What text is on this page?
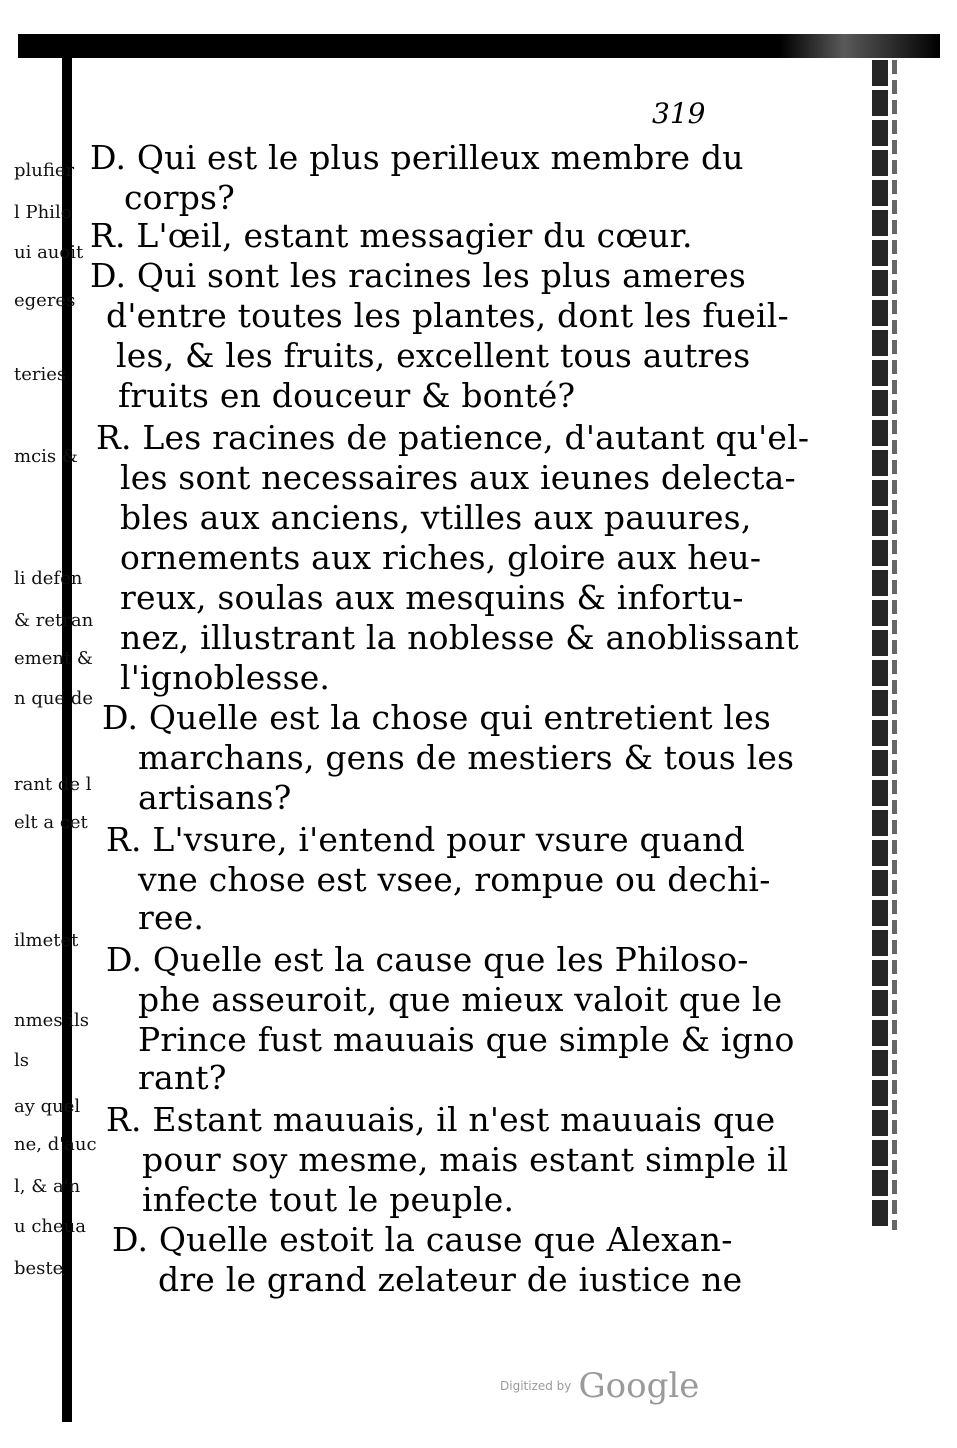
plufier
l Philo
ui auoit
egeres
teries
mcis &
li defen
& retran
ement &
n que de
rant de l
elt a cet
ilmetet
nmes ils
ls
ay quel
ne, d'auc
l, & a'n
u cheua
beste
319
D. Qui est le plus perilleux membre du
corps?
R. L'œil, estant messagier du cœur.
D. Qui sont les racines les plus ameres
d'entre toutes les plantes, dont les fueil-
les, & les fruits, excellent tous autres
fruits en douceur & bonté?
R. Les racines de patience, d'autant qu'el-
les sont necessaires aux ieunes delecta-
bles aux anciens, vtilles aux pauures,
ornements aux riches, gloire aux heu-
reux, soulas aux mesquins & infortu-
nez, illustrant la noblesse & anoblissant
l'ignoblesse.
D. Quelle est la chose qui entretient les
marchans, gens de mestiers & tous les
artisans?
R. L'vsure, i'entend pour vsure quand
vne chose est vsee, rompue ou dechi-
ree.
D. Quelle est la cause que les Philoso-
phe asseuroit, que mieux valoit que le
Prince fust mauuais que simple & igno
rant?
R. Estant mauuais, il n'est mauuais que
pour soy mesme, mais estant simple il
infecte tout le peuple.
D. Quelle estoit la cause que Alexan-
dre le grand zelateur de iustice ne
Digitized by Google
